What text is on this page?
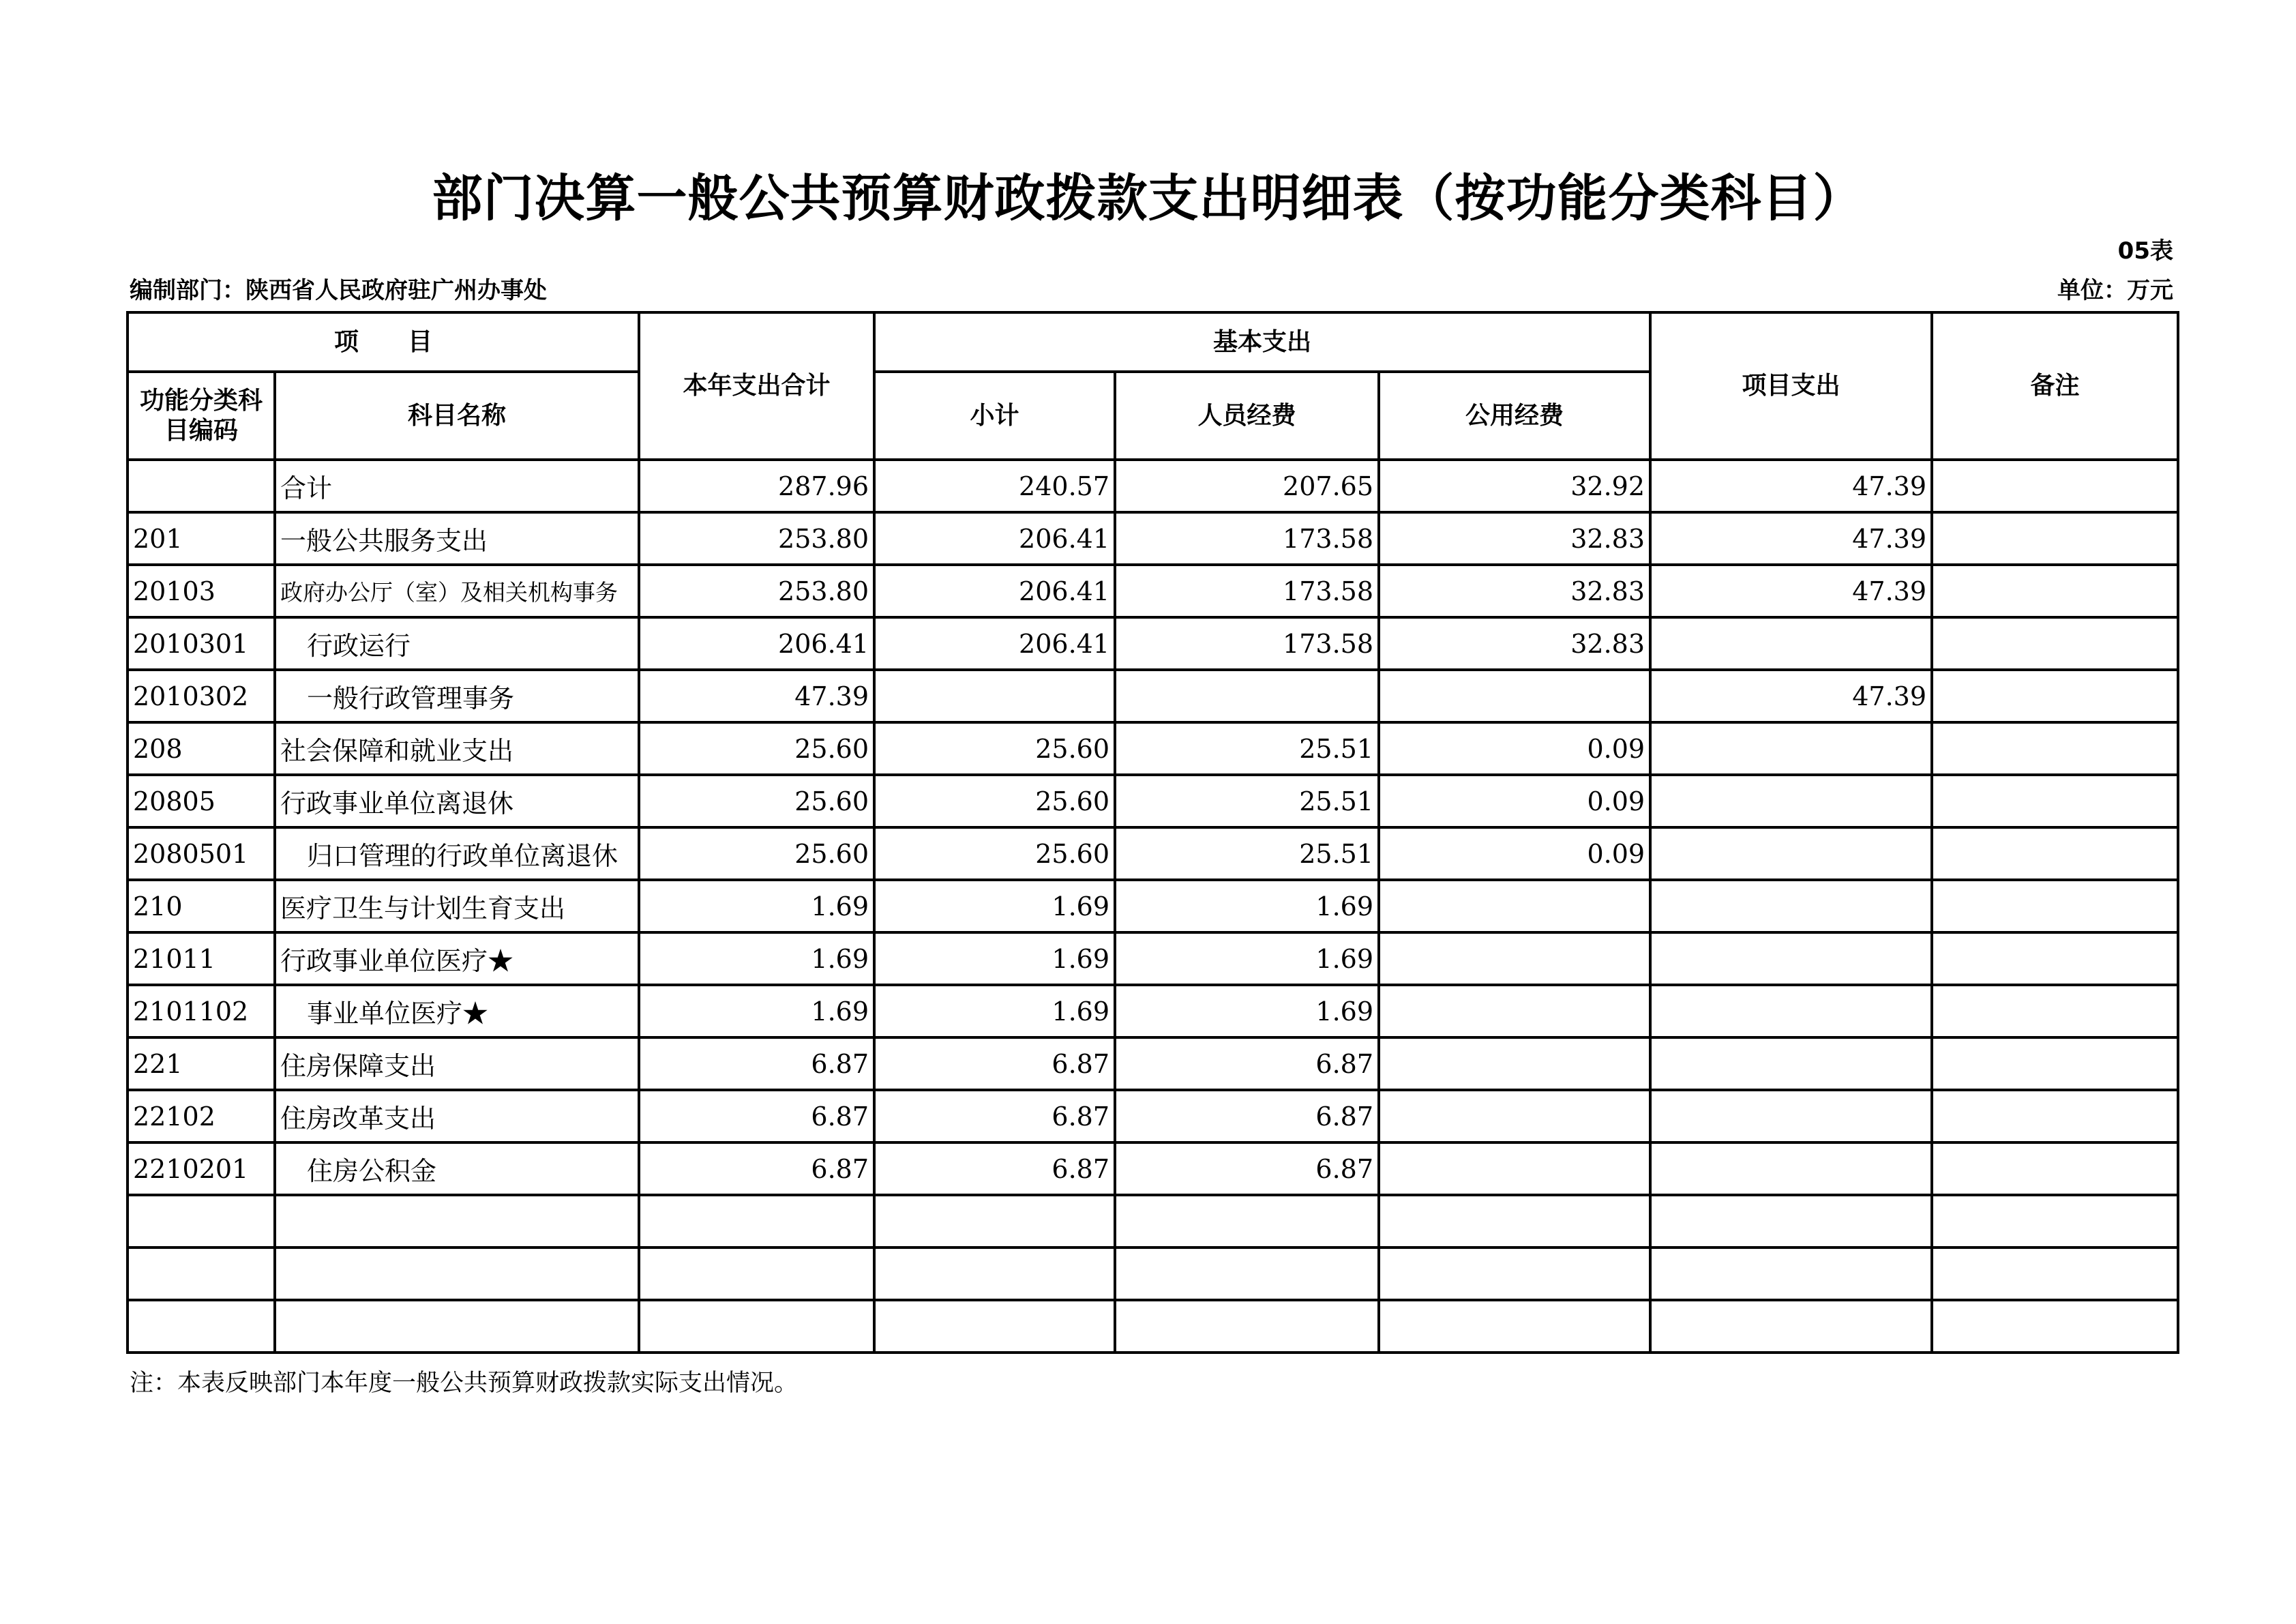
部门决算一般公共预算财政拨款支出明细表（按功能分类科目）
05表
编制部门：陕西省人民政府驻广州办事处	单位：万元
项　　目		本年支出合计	基本支出			项目支出	备注
功能分类科目编码	科目名称		小计	人员经费	公用经费		
	合计	287.96	240.57	207.65	32.92	47.39	
201	一般公共服务支出	253.80	206.41	173.58	32.83	47.39	
20103	政府办公厅（室）及相关机构事务	253.80	206.41	173.58	32.83	47.39	
2010301	行政运行	206.41	206.41	173.58	32.83		
2010302	一般行政管理事务	47.39				47.39	
208	社会保障和就业支出	25.60	25.60	25.51	0.09		
20805	行政事业单位离退休	25.60	25.60	25.51	0.09		
2080501	归口管理的行政单位离退休	25.60	25.60	25.51	0.09		
210	医疗卫生与计划生育支出	1.69	1.69	1.69			
21011	行政事业单位医疗★	1.69	1.69	1.69			
2101102	事业单位医疗★	1.69	1.69	1.69			
221	住房保障支出	6.87	6.87	6.87			
22102	住房改革支出	6.87	6.87	6.87			
2210201	住房公积金	6.87	6.87	6.87			

注：本表反映部门本年度一般公共预算财政拨款实际支出情况。
